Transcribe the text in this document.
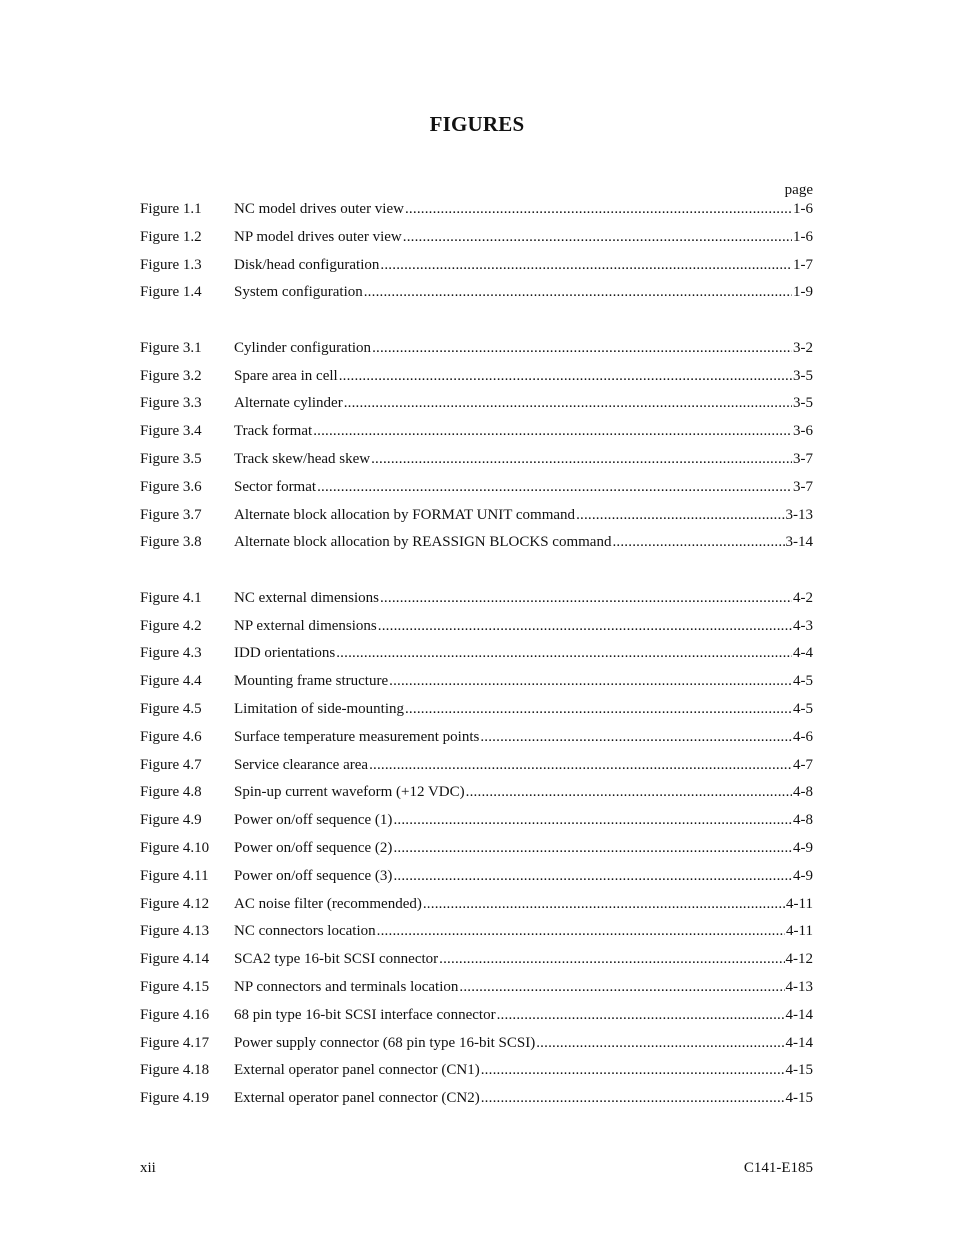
FIGURES
page
Figure 1.1	NC model drives outer view .....	1-6
Figure 1.2	NP model drives outer view .....	1-6
Figure 1.3	Disk/head configuration .....	1-7
Figure 1.4	System configuration .....	1-9
Figure 3.1	Cylinder configuration .....	3-2
Figure 3.2	Spare area in cell .....	3-5
Figure 3.3	Alternate cylinder .....	3-5
Figure 3.4	Track format .....	3-6
Figure 3.5	Track skew/head skew .....	3-7
Figure 3.6	Sector format .....	3-7
Figure 3.7	Alternate block allocation by FORMAT UNIT command .....	3-13
Figure 3.8	Alternate block allocation by REASSIGN BLOCKS command .....	3-14
Figure 4.1	NC external dimensions .....	4-2
Figure 4.2	NP external dimensions .....	4-3
Figure 4.3	IDD orientations .....	4-4
Figure 4.4	Mounting frame structure .....	4-5
Figure 4.5	Limitation of side-mounting .....	4-5
Figure 4.6	Surface temperature measurement points .....	4-6
Figure 4.7	Service clearance area .....	4-7
Figure 4.8	Spin-up current waveform (+12 VDC) .....	4-8
Figure 4.9	Power on/off sequence (1) .....	4-8
Figure 4.10	Power on/off sequence (2) .....	4-9
Figure 4.11	Power on/off sequence (3) .....	4-9
Figure 4.12	AC noise filter (recommended) .....	4-11
Figure 4.13	NC connectors location .....	4-11
Figure 4.14	SCA2 type 16-bit SCSI connector .....	4-12
Figure 4.15	NP connectors and terminals location .....	4-13
Figure 4.16	68 pin type 16-bit SCSI interface connector .....	4-14
Figure 4.17	Power supply connector (68 pin type 16-bit SCSI) .....	4-14
Figure 4.18	External operator panel connector (CN1) .....	4-15
Figure 4.19	External operator panel connector (CN2) .....	4-15
xii	C141-E185
